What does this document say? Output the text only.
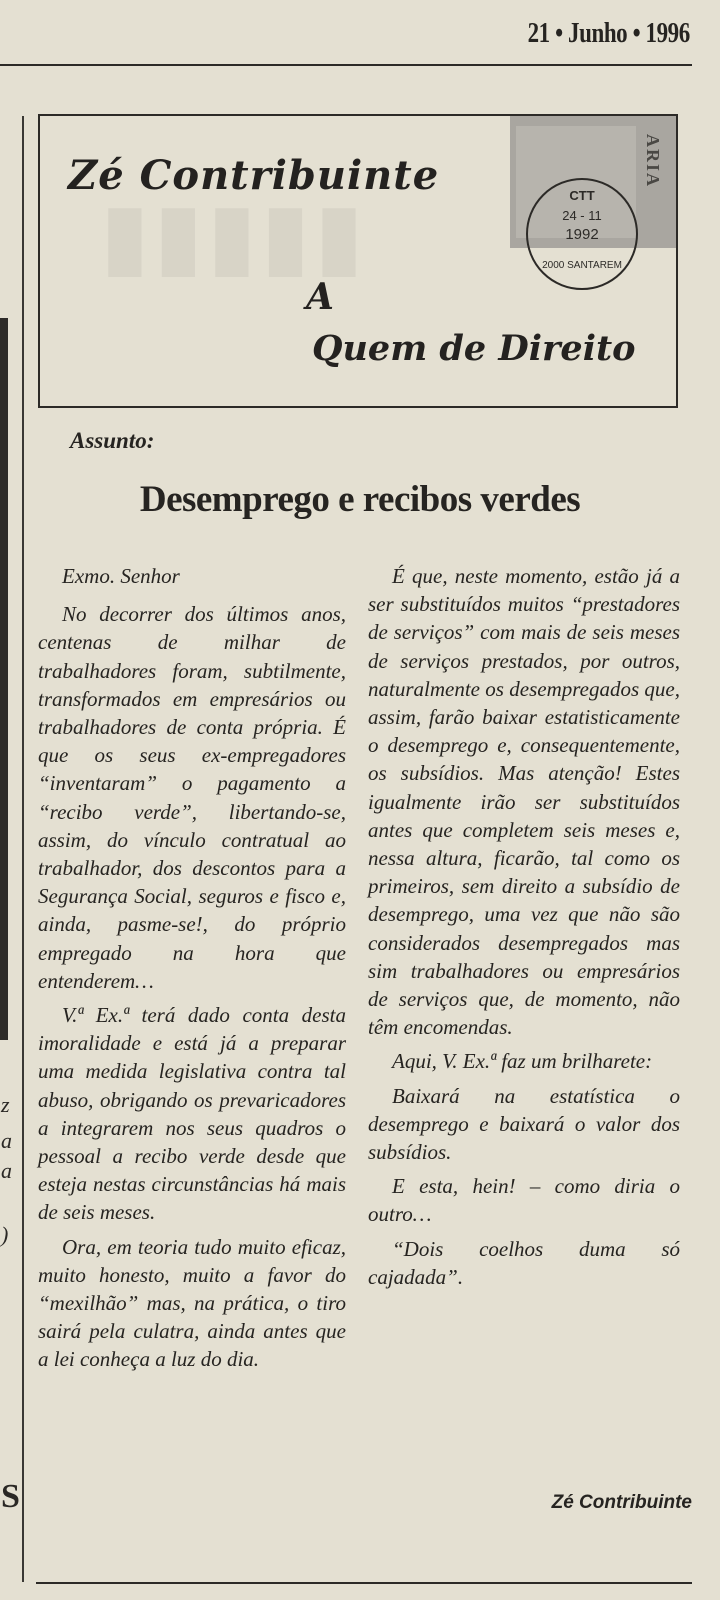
21 • Junho • 1996
z
a
a
)
S
▮▮▮▮▮
Zé Contribuinte
A
Quem de Direito
ARIA
CTT
24 - 11
1992
2000 SANTAREM
Assunto:
Desemprego e recibos verdes

Exmo. Senhor

No decorrer dos últimos anos, centenas de milhar de trabalhadores foram, subtilmente, transformados em empresários ou trabalhadores de conta própria. É que os seus ex-empregadores “inventaram” o pagamento a “recibo verde”, libertando-se, assim, do vínculo contratual ao trabalhador, dos descontos para a Segurança Social, seguros e fisco e, ainda, pasme-se!, do próprio empregado na hora que entenderem…

V.ª Ex.ª terá dado conta desta imoralidade e está já a preparar uma medida legislativa contra tal abuso, obrigando os prevaricadores a integrarem nos seus quadros o pessoal a recibo verde desde que esteja nestas circunstâncias há mais de seis meses.

Ora, em teoria tudo muito eficaz, muito honesto, muito a favor do “mexilhão” mas, na prática, o tiro sairá pela culatra, ainda antes que a lei conheça a luz do dia.

É que, neste momento, estão já a ser substituídos muitos “prestadores de serviços” com mais de seis meses de serviços prestados, por outros, naturalmente os desempregados que, assim, farão baixar estatisticamente o desemprego e, consequentemente, os subsídios. Mas atenção! Estes igualmente irão ser substituídos antes que completem seis meses e, nessa altura, ficarão, tal como os primeiros, sem direito a subsídio de desemprego, uma vez que não são considerados desempregados mas sim trabalhadores ou empresários de serviços que, de momento, não têm encomendas.

Aqui, V. Ex.ª faz um brilharete:

Baixará na estatística o desemprego e baixará o valor dos subsídios.

E esta, hein! – como diria o outro…

“Dois coelhos duma só cajadada”.

Zé Contribuinte
